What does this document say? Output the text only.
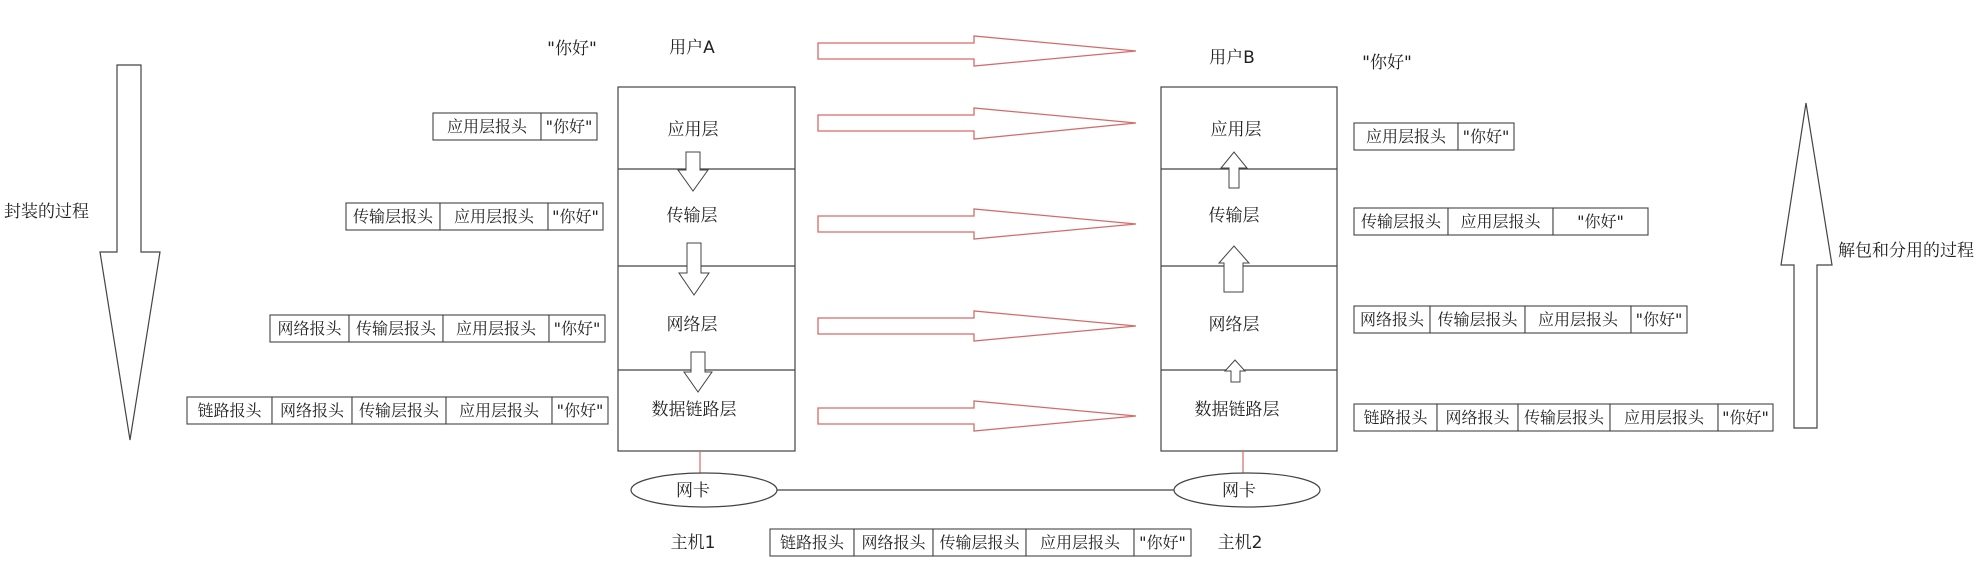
封装的过程
解包和分用的过程
用户A
"你好"	用户B	"你好"
应用层
传输层
网络层
数据链路层
应用层
传输层
网络层
数据链路层
网卡	网卡
主机1	主机2
应用层报头 "你好"
传输层报头 应用层报头 "你好"
网络报头 传输层报头 应用层报头 "你好"
链路报头 网络报头 传输层报头 应用层报头 "你好"
应用层报头 "你好"
传输层报头 应用层报头 "你好"
网络报头 传输层报头 应用层报头 "你好"
链路报头 网络报头 传输层报头 应用层报头 "你好"
链路报头 网络报头 传输层报头 应用层报头 "你好"
